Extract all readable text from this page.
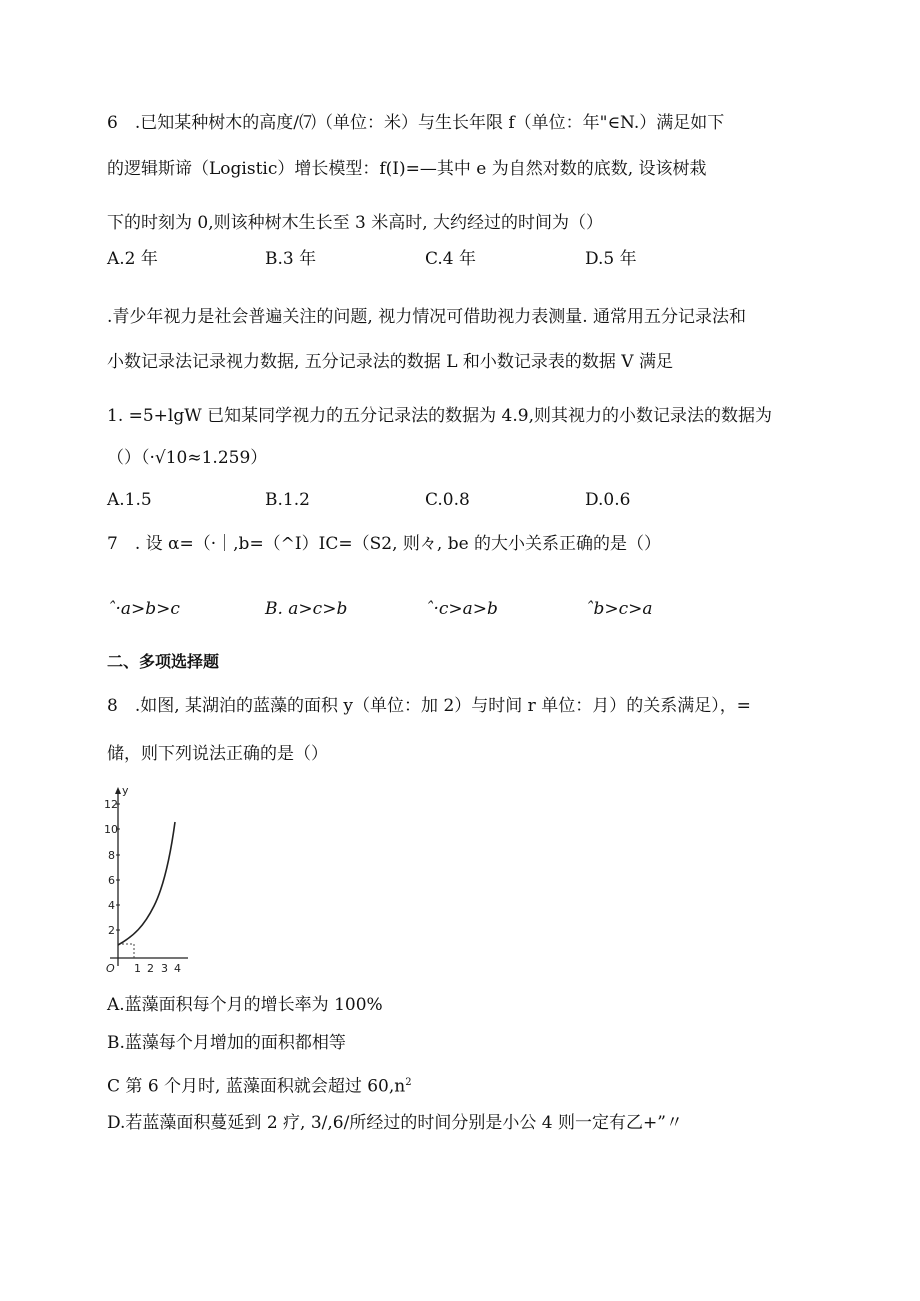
6　.已知某种树木的高度/⑺（单位：米）与生长年限 f（单位：年"∈N.）满足如下
的逻辑斯谛（Logistic）增长模型：f(I)=—其中 e 为自然对数的底数, 设该树栽
下的时刻为 0,则该种树木生长至 3 米高时, 大约经过的时间为（）
A.2 年	B.3 年	C.4 年	D.5 年
.青少年视力是社会普遍关注的问题, 视力情况可借助视力表测量. 通常用五分记录法和
小数记录法记录视力数据, 五分记录法的数据 L 和小数记录表的数据 V 满足
1. =5+lgW 已知某同学视力的五分记录法的数据为 4.9,则其视力的小数记录法的数据为
（）（·√10≈1.259）
A.1.5	B.1.2	C.0.8	D.0.6
7　. 设 α=（·｜,b=（^I）IC=（S2, 则々, be 的大小关系正确的是（）
ˆ·a>b>c	B. a>c>b	ˆ·c>a>b	ˆb>c>a
二、多项选择题
8　.如图, 某湖泊的蓝藻的面积 y（单位：加 2）与时间 r 单位：月）的关系满足），=
储，则下列说法正确的是（）
y
12
10
8
6
4
2
1 2 3 4
O
A.蓝藻面积每个月的增长率为 100%
B.蓝藻每个月增加的面积都相等
C 第 6 个月时, 蓝藻面积就会超过 $60,n^2$
D.若蓝藻面积蔓延到 2 疗, 3/,6/所经过的时间分别是小公 4 则一定有乙+”〃
